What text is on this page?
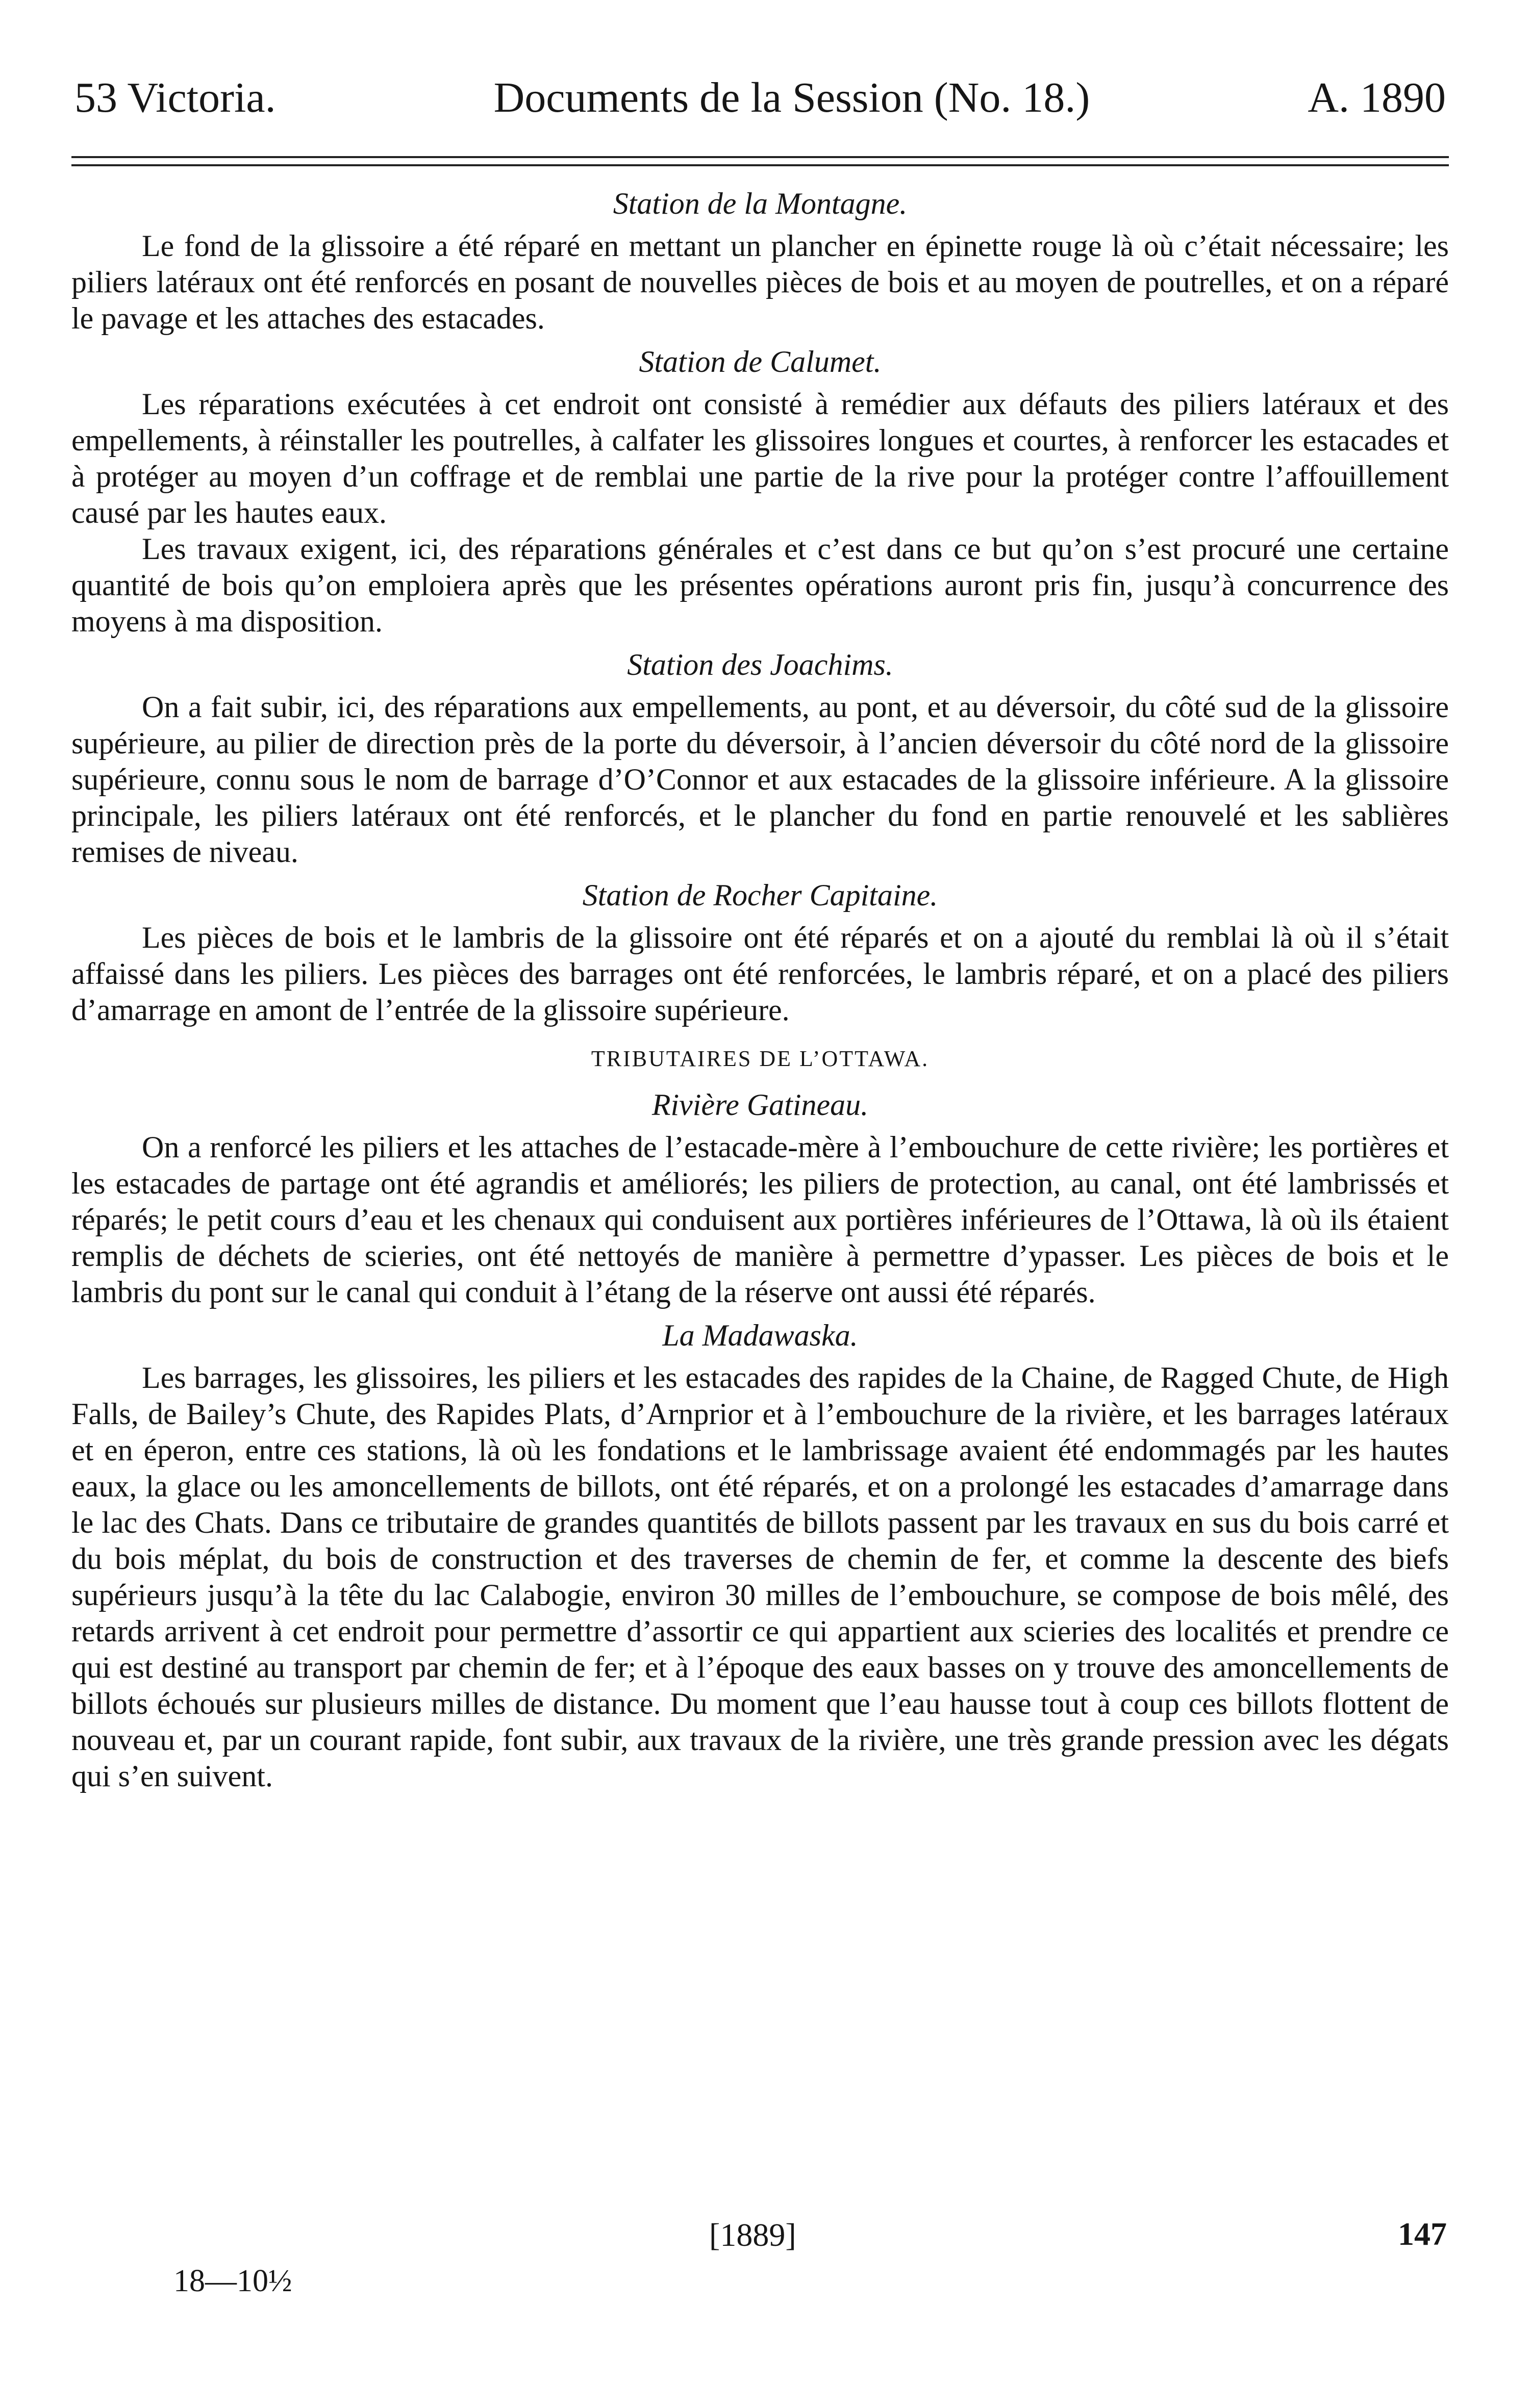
53 Victoria.	Documents de la Session (No. 18.)	A. 1890
Station de la Montagne.

Le fond de la glissoire a été réparé en mettant un plancher en épinette rouge là où c’était nécessaire; les piliers latéraux ont été renforcés en posant de nouvelles pièces de bois et au moyen de poutrelles, et on a réparé le pavage et les attaches des estacades.

Station de Calumet.

Les réparations exécutées à cet endroit ont consisté à remédier aux défauts des piliers latéraux et des empellements, à réinstaller les poutrelles, à calfater les glissoires longues et courtes, à renforcer les estacades et à protéger au moyen d’un coffrage et de remblai une partie de la rive pour la protéger contre l’affouillement causé par les hautes eaux.

Les travaux exigent, ici, des réparations générales et c’est dans ce but qu’on s’est procuré une certaine quantité de bois qu’on emploiera après que les présentes opérations auront pris fin, jusqu’à concurrence des moyens à ma disposition.

Station des Joachims.

On a fait subir, ici, des réparations aux empellements, au pont, et au déversoir, du côté sud de la glissoire supérieure, au pilier de direction près de la porte du déversoir, à l’ancien déversoir du côté nord de la glissoire supérieure, connu sous le nom de barrage d’O’Connor et aux estacades de la glissoire inférieure. A la glissoire principale, les piliers latéraux ont été renforcés, et le plancher du fond en partie renouvelé et les sablières remises de niveau.

Station de Rocher Capitaine.

Les pièces de bois et le lambris de la glissoire ont été réparés et on a ajouté du remblai là où il s’était affaissé dans les piliers. Les pièces des barrages ont été renforcées, le lambris réparé, et on a placé des piliers d’amarrage en amont de l’entrée de la glissoire supérieure.

TRIBUTAIRES DE L’OTTAWA.
Rivière Gatineau.

On a renforcé les piliers et les attaches de l’estacade-mère à l’embouchure de cette rivière; les portières et les estacades de partage ont été agrandis et améliorés; les piliers de protection, au canal, ont été lambrissés et réparés; le petit cours d’eau et les chenaux qui conduisent aux portières inférieures de l’Ottawa, là où ils étaient remplis de déchets de scieries, ont été nettoyés de manière à permettre d’ypasser. Les pièces de bois et le lambris du pont sur le canal qui conduit à l’étang de la réserve ont aussi été réparés.

La Madawaska.

Les barrages, les glissoires, les piliers et les estacades des rapides de la Chaine, de Ragged Chute, de High Falls, de Bailey’s Chute, des Rapides Plats, d’Arnprior et à l’embouchure de la rivière, et les barrages latéraux et en éperon, entre ces stations, là où les fondations et le lambrissage avaient été endommagés par les hautes eaux, la glace ou les amoncellements de billots, ont été réparés, et on a prolongé les estacades d’amarrage dans le lac des Chats. Dans ce tributaire de grandes quantités de billots passent par les travaux en sus du bois carré et du bois méplat, du bois de construction et des traverses de chemin de fer, et comme la descente des biefs supérieurs jusqu’à la tête du lac Calabogie, environ 30 milles de l’embouchure, se compose de bois mêlé, des retards arrivent à cet endroit pour permettre d’assortir ce qui appartient aux scieries des localités et prendre ce qui est destiné au transport par chemin de fer; et à l’époque des eaux basses on y trouve des amoncellements de billots échoués sur plusieurs milles de distance. Du moment que l’eau hausse tout à coup ces billots flottent de nouveau et, par un courant rapide, font subir, aux travaux de la rivière, une très grande pression avec les dégats qui s’en suivent.

[1889]	147
18—10½
